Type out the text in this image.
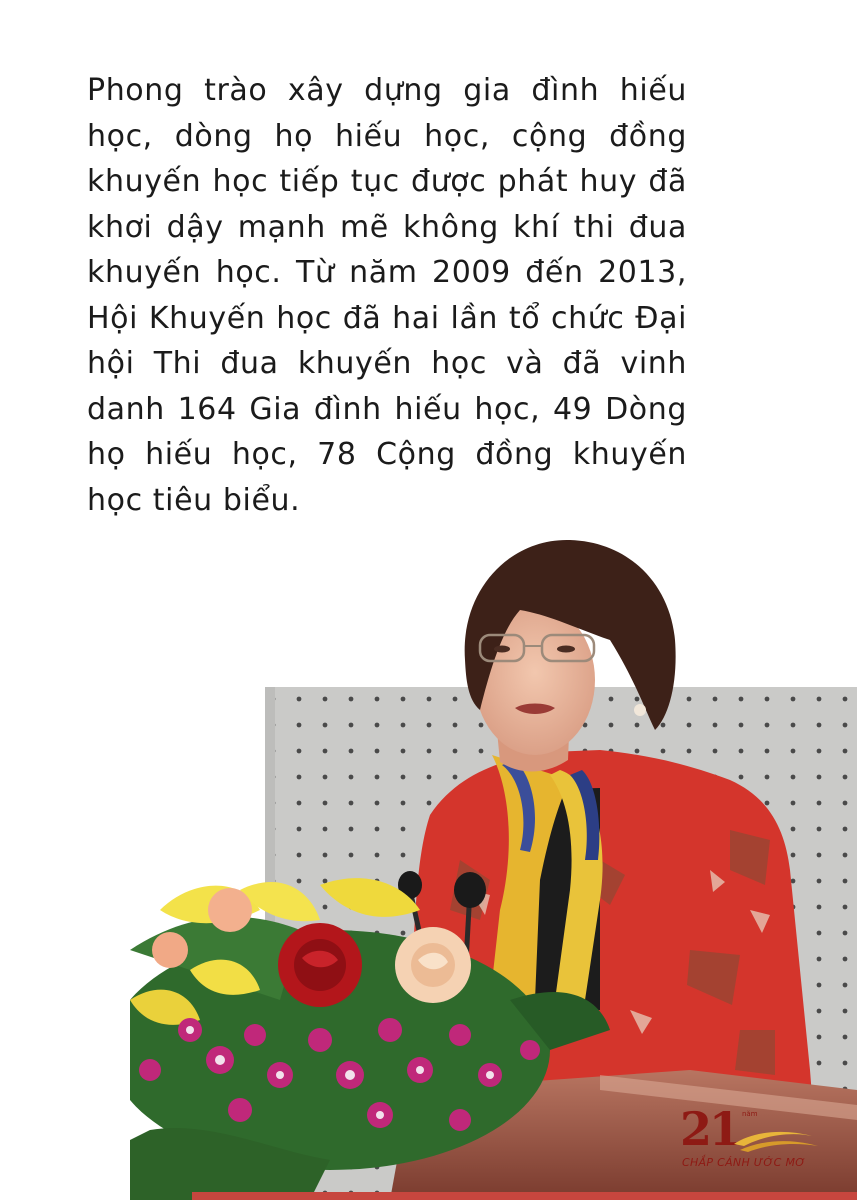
Phong trào xây dựng gia đình hiếu học, dòng họ hiếu học, cộng đồng khuyến học tiếp tục được phát huy đã khơi dậy mạnh mẽ không khí thi đua khuyến học. Từ năm 2009 đến 2013, Hội Khuyến học đã hai lần tổ chức Đại hội Thi đua khuyến học và đã vinh danh 164 Gia đình hiếu học, 49 Dòng họ hiếu học, 78 Cộng đồng khuyến học tiêu biểu.

21 năm
CHẮP CÁNH ƯỚC MƠ
